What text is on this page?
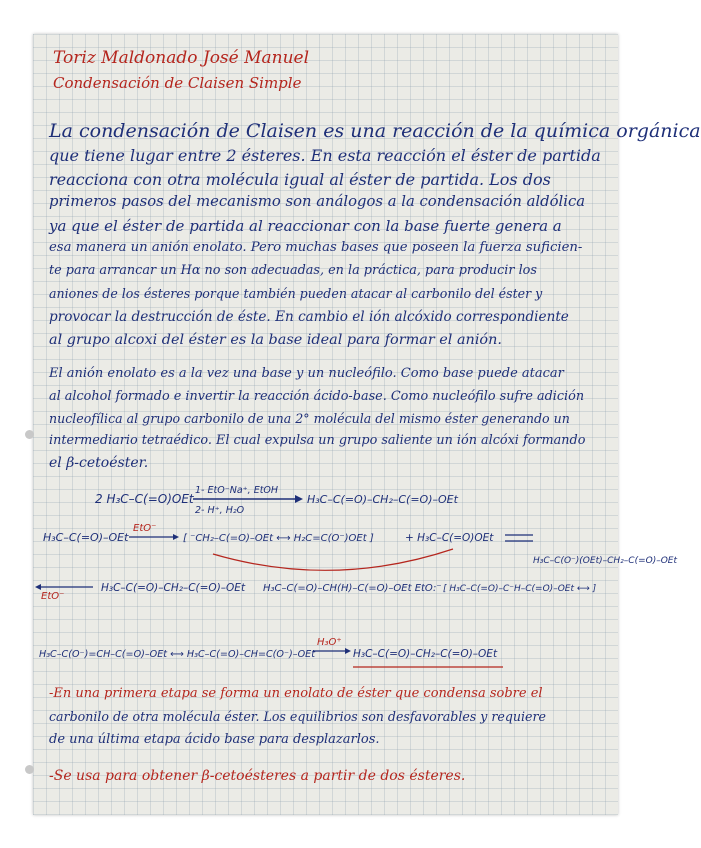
Toriz Maldonado José Manuel
Condensación de Claisen Simple
La condensación de Claisen es una reacción de la química orgánica
que tiene lugar entre 2 ésteres. En esta reacción el éster de partida
reacciona con otra molécula igual al éster de partida. Los dos
primeros pasos del mecanismo son análogos a la condensación aldólica
ya que el éster de partida al reaccionar con la base fuerte genera a
esa manera un anión enolato. Pero muchas bases que poseen la fuerza suficien-
te para arrancar un Hα no son adecuadas, en la práctica, para producir los
aniones de los ésteres porque también pueden atacar al carbonilo del éster y
provocar la destrucción de éste. En cambio el ión alcóxido correspondiente
al grupo alcoxi del éster es la base ideal para formar el anión.
El anión enolato es a la vez una base y un nucleófilo. Como base puede atacar
al alcohol formado e invertir la reacción ácido-base. Como nucleófilo sufre adición
nucleofílica al grupo carbonilo de una 2° molécula del mismo éster generando un
intermediario tetraédico. El cual expulsa un grupo saliente un ión alcóxi formando
el β-cetoéster.
2 H₃C–C(=O)OEt
1- EtO⁻Na⁺, EtOH
2- H⁺, H₂O
H₃C–C(=O)–CH₂–C(=O)–OEt
H₃C–C(=O)–OEt
EtO⁻
[ ⁻CH₂–C(=O)–OEt ⟷ H₂C=C(O⁻)OEt ]	+ H₃C–C(=O)OEt
H₃C–C(O⁻)(OEt)–CH₂–C(=O)–OEt
EtO⁻
H₃C–C(=O)–CH₂–C(=O)–OEt H₃C–C(=O)–CH(H)–C(=O)–OEt EtO:⁻ [ H₃C–C(=O)–C⁻H–C(=O)–OEt ⟷ ]
H₃C–C(O⁻)=CH–C(=O)–OEt ⟷ H₃C–C(=O)–CH=C(O⁻)–OEt
H₃O⁺
H₃C–C(=O)–CH₂–C(=O)–OEt
-En una primera etapa se forma un enolato de éster que condensa sobre el
carbonilo de otra molécula éster. Los equilibrios son desfavorables y requiere
de una última etapa ácido base para desplazarlos.
-Se usa para obtener β-cetoésteres a partir de dos ésteres.
